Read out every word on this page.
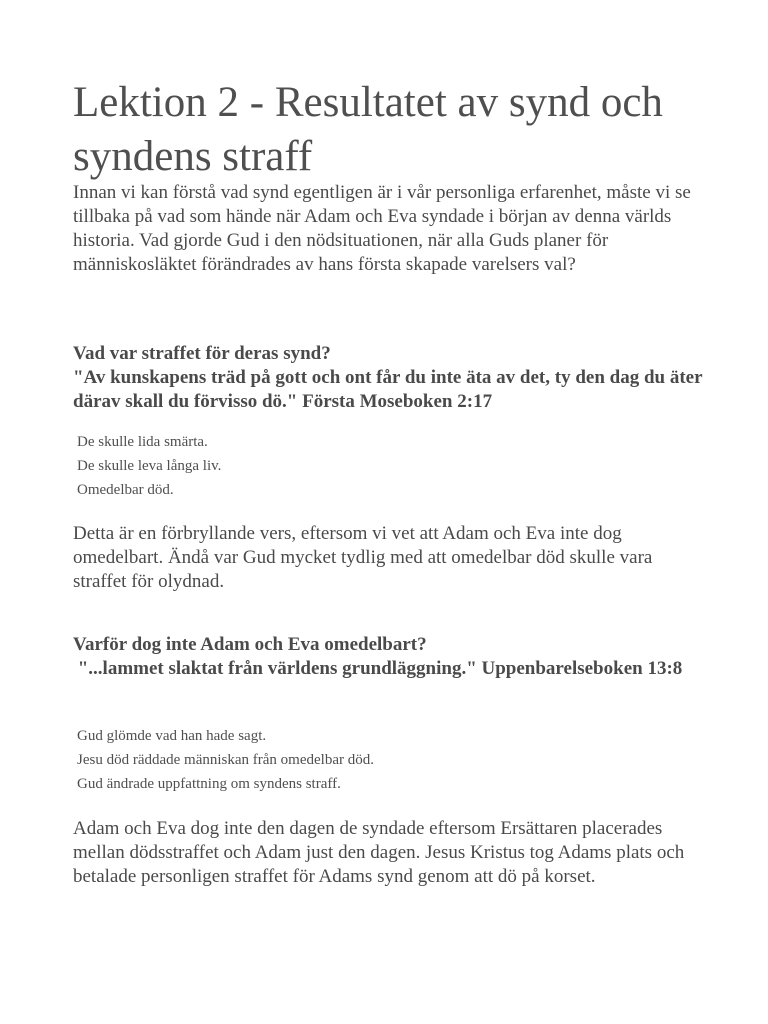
Lektion 2 - Resultatet av synd och syndens straff

Innan vi kan förstå vad synd egentligen är i vår personliga erfarenhet, måste vi se tillbaka på vad som hände när Adam och Eva syndade i början av denna världs historia. Vad gjorde Gud i den nödsituationen, när alla Guds planer för människosläktet förändrades av hans första skapade varelsers val?

Vad var straffet för deras synd?
"Av kunskapens träd på gott och ont får du inte äta av det, ty den dag du äter därav skall du förvisso dö." Första Moseboken 2:17
De skulle lida smärta.
De skulle leva långa liv.
Omedelbar död.

Detta är en förbryllande vers, eftersom vi vet att Adam och Eva inte dog omedelbart. Ändå var Gud mycket tydlig med att omedelbar död skulle vara straffet för olydnad.

Varför dog inte Adam och Eva omedelbart?
"...lammet slaktat från världens grundläggning." Uppenbarelseboken 13:8
Gud glömde vad han hade sagt.
Jesu död räddade människan från omedelbar död.
Gud ändrade uppfattning om syndens straff.

Adam och Eva dog inte den dagen de syndade eftersom Ersättaren placerades mellan dödsstraffet och Adam just den dagen. Jesus Kristus tog Adams plats och betalade personligen straffet för Adams synd genom att dö på korset.
